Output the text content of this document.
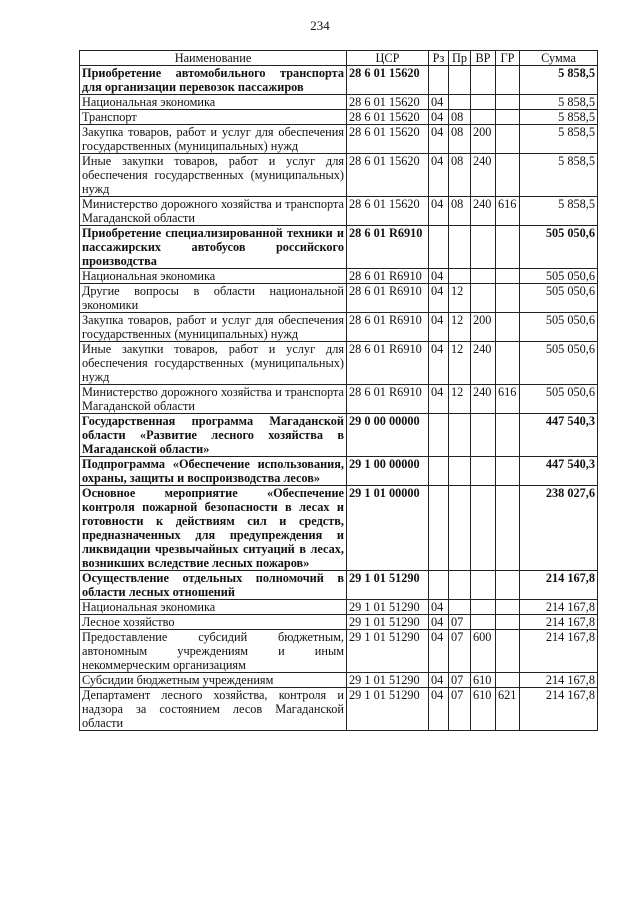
234
Наименование	ЦСР	Рз	Пр	ВР	ГР	Сумма
Приобретение автомобильного транспорта для организации перевозок пассажиров	28 6 01 15620					5 858,5
Национальная экономика	28 6 01 15620	04				5 858,5
Транспорт	28 6 01 15620	04	08			5 858,5
Закупка товаров, работ и услуг для обеспечения государственных (муниципальных) нужд	28 6 01 15620	04	08	200		5 858,5
Иные закупки товаров, работ и услуг для обеспечения государственных (муниципальных) нужд	28 6 01 15620	04	08	240		5 858,5
Министерство дорожного хозяйства и транспорта Магаданской области	28 6 01 15620	04	08	240	616	5 858,5
Приобретение специализированной техники и пассажирских автобусов российского производства	28 6 01 R6910					505 050,6
Национальная экономика	28 6 01 R6910	04				505 050,6
Другие вопросы в области национальной экономики	28 6 01 R6910	04	12			505 050,6
Закупка товаров, работ и услуг для обеспечения государственных (муниципальных) нужд	28 6 01 R6910	04	12	200		505 050,6
Иные закупки товаров, работ и услуг для обеспечения государственных (муниципальных) нужд	28 6 01 R6910	04	12	240		505 050,6
Министерство дорожного хозяйства и транспорта Магаданской области	28 6 01 R6910	04	12	240	616	505 050,6
Государственная программа Магаданской области «Развитие лесного хозяйства в Магаданской области»	29 0 00 00000					447 540,3
Подпрограмма «Обеспечение использования, охраны, защиты и воспроизводства лесов»	29 1 00 00000					447 540,3
Основное мероприятие «Обеспечение контроля пожарной безопасности в лесах и готовности к действиям сил и средств, предназначенных для предупреждения и ликвидации чрезвычайных ситуаций в лесах, возникших вследствие лесных пожаров»	29 1 01 00000					238 027,6
Осуществление отдельных полномочий в области лесных отношений	29 1 01 51290					214 167,8
Национальная экономика	29 1 01 51290	04				214 167,8
Лесное хозяйство	29 1 01 51290	04	07			214 167,8
Предоставление субсидий бюджетным, автономным учреждениям и иным некоммерческим организациям	29 1 01 51290	04	07	600		214 167,8
Субсидии бюджетным учреждениям	29 1 01 51290	04	07	610		214 167,8
Департамент лесного хозяйства, контроля и надзора за состоянием лесов Магаданской области	29 1 01 51290	04	07	610	621	214 167,8
